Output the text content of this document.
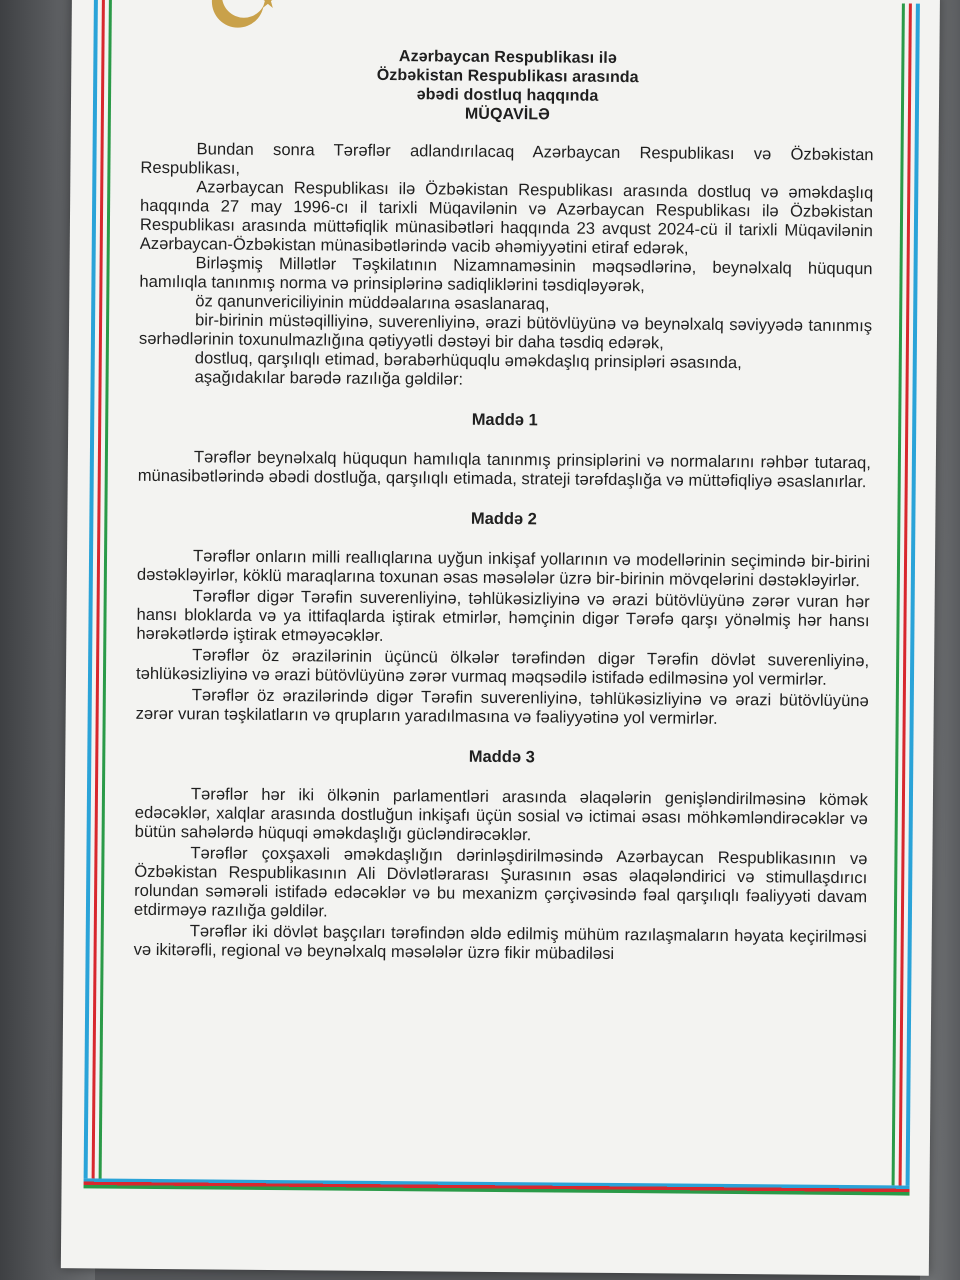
Azərbaycan Respublikası ilə
Özbəkistan Respublikası arasında
əbədi dostluq haqqında
MÜQAVİLƏ

Bundan sonra Tərəflər adlandırılacaq Azərbaycan Respublikası və Özbəkistan Respublikası,

Azərbaycan Respublikası ilə Özbəkistan Respublikası arasında dostluq və əməkdaşlıq haqqında 27 may 1996-cı il tarixli Müqavilənin və Azərbaycan Respublikası ilə Özbəkistan Respublikası arasında müttəfiqlik münasibətləri haqqında 23 avqust 2024-cü il tarixli Müqavilənin Azərbaycan-Özbəkistan münasibətlərində vacib əhəmiyyətini etiraf edərək,

Birləşmiş Millətlər Təşkilatının Nizamnaməsinin məqsədlərinə, beynəlxalq hüququn hamılıqla tanınmış norma və prinsiplərinə sadiqliklərini təsdiqləyərək,

öz qanunvericiliyinin müddəalarına əsaslanaraq,

bir-birinin müstəqilliyinə, suverenliyinə, ərazi bütövlüyünə və beynəlxalq səviyyədə tanınmış sərhədlərinin toxunulmazlığına qətiyyətli dəstəyi bir daha təsdiq edərək,

dostluq, qarşılıqlı etimad, bərabərhüquqlu əməkdaşlıq prinsipləri əsasında,

aşağıdakılar barədə razılığa gəldilər:

Maddə 1

Tərəflər beynəlxalq hüququn hamılıqla tanınmış prinsiplərini və normalarını rəhbər tutaraq, münasibətlərində əbədi dostluğa, qarşılıqlı etimada, strateji tərəfdaşlığa və müttəfiqliyə əsaslanırlar.

Maddə 2

Tərəflər onların milli reallıqlarına uyğun inkişaf yollarının və modellərinin seçimində bir-birini dəstəkləyirlər, köklü maraqlarına toxunan əsas məsələlər üzrə bir-birinin mövqelərini dəstəkləyirlər.

Tərəflər digər Tərəfin suverenliyinə, təhlükəsizliyinə və ərazi bütövlüyünə zərər vuran hər hansı bloklarda və ya ittifaqlarda iştirak etmirlər, həmçinin digər Tərəfə qarşı yönəlmiş hər hansı hərəkətlərdə iştirak etməyəcəklər.

Tərəflər öz ərazilərinin üçüncü ölkələr tərəfindən digər Tərəfin dövlət suverenliyinə, təhlükəsizliyinə və ərazi bütövlüyünə zərər vurmaq məqsədilə istifadə edilməsinə yol vermirlər.

Tərəflər öz ərazilərində digər Tərəfin suverenliyinə, təhlükəsizliyinə və ərazi bütövlüyünə zərər vuran təşkilatların və qrupların yaradılmasına və fəaliyyətinə yol vermirlər.

Maddə 3

Tərəflər hər iki ölkənin parlamentləri arasında əlaqələrin genişləndirilməsinə kömək edəcəklər, xalqlar arasında dostluğun inkişafı üçün sosial və ictimai əsası möhkəmləndirəcəklər və bütün sahələrdə hüquqi əməkdaşlığı gücləndirəcəklər.

Tərəflər çoxşaxəli əməkdaşlığın dərinləşdirilməsində Azərbaycan Respublikasının və Özbəkistan Respublikasının Ali Dövlətlərarası Şurasının əsas əlaqələndirici və stimullaşdırıcı rolundan səmərəli istifadə edəcəklər və bu mexanizm çərçivəsində fəal qarşılıqlı fəaliyyəti davam etdirməyə razılığa gəldilər.

Tərəflər iki dövlət başçıları tərəfindən əldə edilmiş mühüm razılaşmaların həyata keçirilməsi və ikitərəfli, regional və beynəlxalq məsələlər üzrə fikir mübadiləsi
